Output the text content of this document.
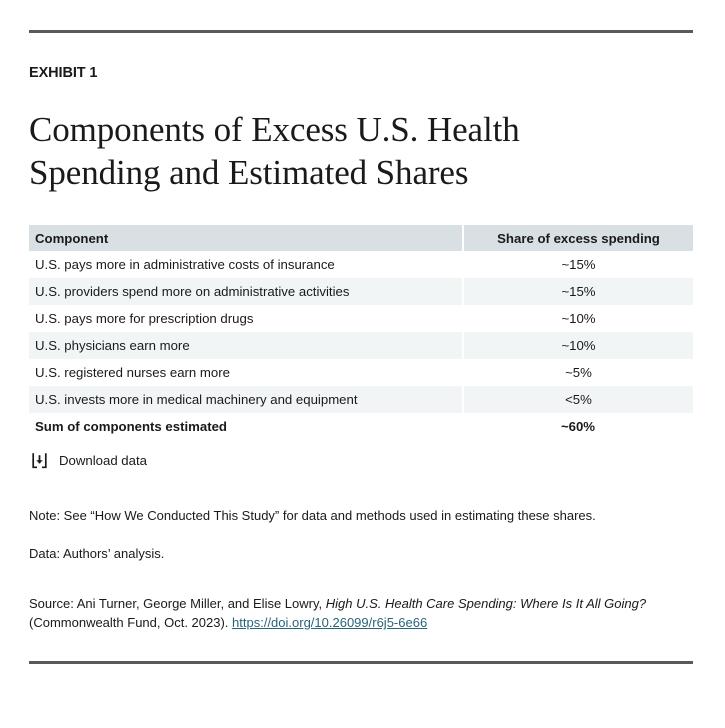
EXHIBIT 1
Components of Excess U.S. Health Spending and Estimated Shares
Component	Share of excess spending
U.S. pays more in administrative costs of insurance	~15%
U.S. providers spend more on administrative activities	~15%
U.S. pays more for prescription drugs	~10%
U.S. physicians earn more	~10%
U.S. registered nurses earn more	~5%
U.S. invests more in medical machinery and equipment	<5%
Sum of components estimated	~60%
Download data

Note: See “How We Conducted This Study” for data and methods used in estimating these shares.

Data: Authors’ analysis.

Source: Ani Turner, George Miller, and Elise Lowry, High U.S. Health Care Spending: Where Is It All Going? (Commonwealth Fund, Oct. 2023). https://doi.org/10.26099/r6j5-6e66
